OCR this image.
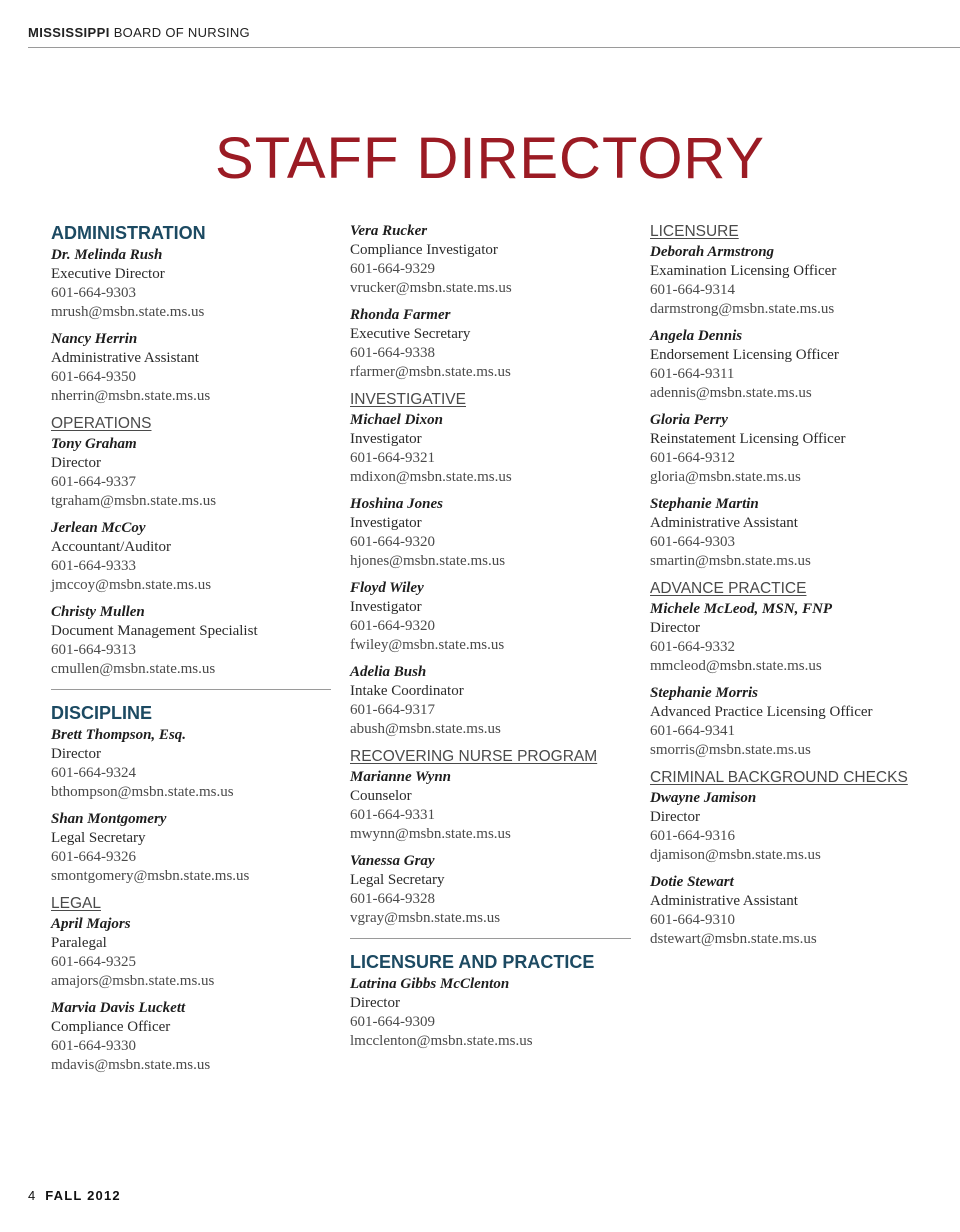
MISSISSIPPI BOARD OF NURSING
STAFF DIRECTORY
ADMINISTRATION
Dr. Melinda Rush
Executive Director
601-664-9303
mrush@msbn.state.ms.us
Nancy Herrin
Administrative Assistant
601-664-9350
nherrin@msbn.state.ms.us
OPERATIONS
Tony Graham
Director
601-664-9337
tgraham@msbn.state.ms.us
Jerlean McCoy
Accountant/Auditor
601-664-9333
jmccoy@msbn.state.ms.us
Christy Mullen
Document Management Specialist
601-664-9313
cmullen@msbn.state.ms.us
DISCIPLINE
Brett Thompson, Esq.
Director
601-664-9324
bthompson@msbn.state.ms.us
Shan Montgomery
Legal Secretary
601-664-9326
smontgomery@msbn.state.ms.us
LEGAL
April Majors
Paralegal
601-664-9325
amajors@msbn.state.ms.us
Marvia Davis Luckett
Compliance Officer
601-664-9330
mdavis@msbn.state.ms.us
Vera Rucker
Compliance Investigator
601-664-9329
vrucker@msbn.state.ms.us
Rhonda Farmer
Executive Secretary
601-664-9338
rfarmer@msbn.state.ms.us
INVESTIGATIVE
Michael Dixon
Investigator
601-664-9321
mdixon@msbn.state.ms.us
Hoshina Jones
Investigator
601-664-9320
hjones@msbn.state.ms.us
Floyd Wiley
Investigator
601-664-9320
fwiley@msbn.state.ms.us
Adelia Bush
Intake Coordinator
601-664-9317
abush@msbn.state.ms.us
RECOVERING NURSE PROGRAM
Marianne Wynn
Counselor
601-664-9331
mwynn@msbn.state.ms.us
Vanessa Gray
Legal Secretary
601-664-9328
vgray@msbn.state.ms.us
LICENSURE AND PRACTICE
Latrina Gibbs McClenton
Director
601-664-9309
lmcclenton@msbn.state.ms.us
LICENSURE
Deborah Armstrong
Examination Licensing Officer
601-664-9314
darmstrong@msbn.state.ms.us
Angela Dennis
Endorsement Licensing Officer
601-664-9311
adennis@msbn.state.ms.us
Gloria Perry
Reinstatement Licensing Officer
601-664-9312
gloria@msbn.state.ms.us
Stephanie Martin
Administrative Assistant
601-664-9303
smartin@msbn.state.ms.us
ADVANCE PRACTICE
Michele McLeod, MSN, FNP
Director
601-664-9332
mmcleod@msbn.state.ms.us
Stephanie Morris
Advanced Practice Licensing Officer
601-664-9341
smorris@msbn.state.ms.us
CRIMINAL BACKGROUND CHECKS
Dwayne Jamison
Director
601-664-9316
djamison@msbn.state.ms.us
Dotie Stewart
Administrative Assistant
601-664-9310
dstewart@msbn.state.ms.us
4 FALL 2012
